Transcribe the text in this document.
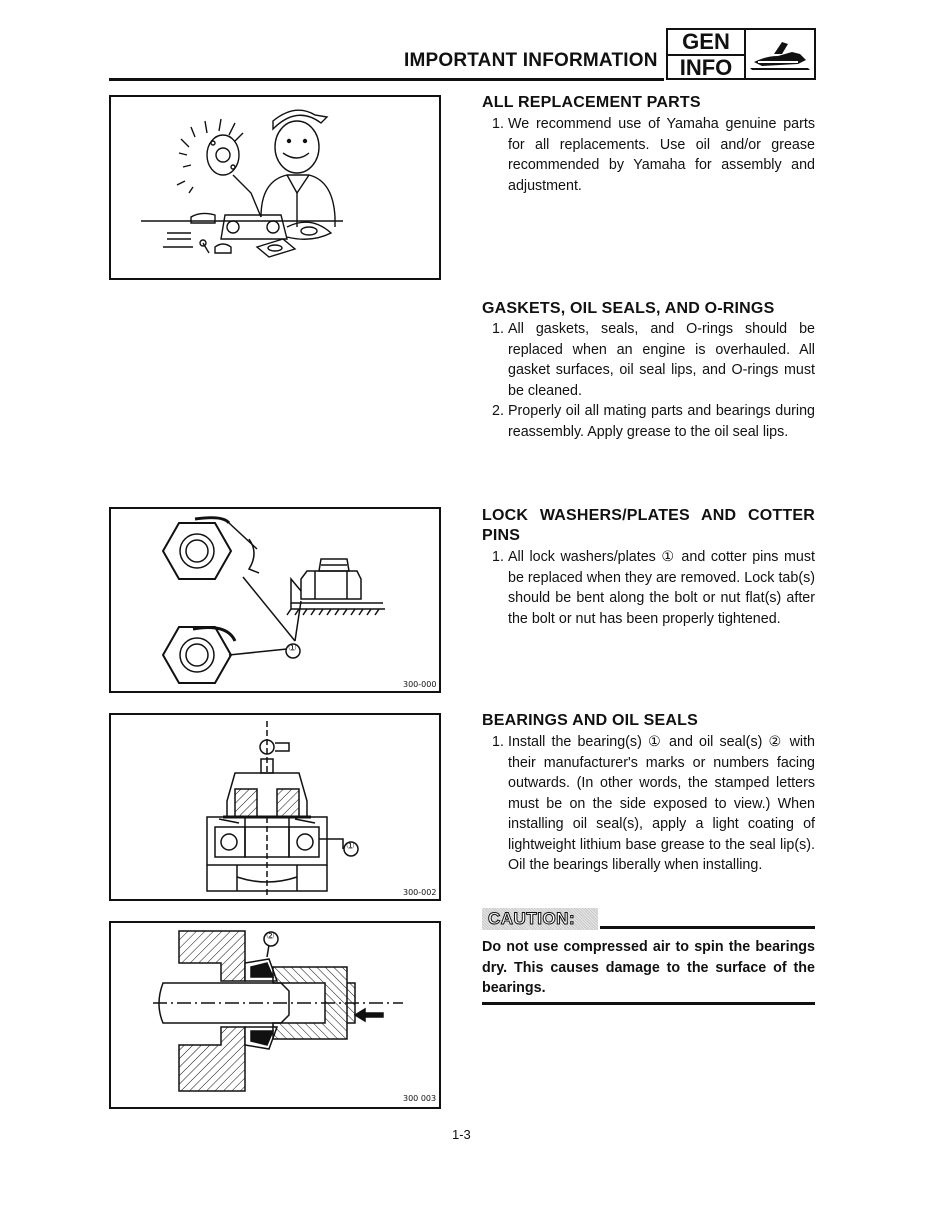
IMPORTANT INFORMATION
GEN
INFO
①
300-000
①
300-002
②
300 003
ALL REPLACEMENT PARTS
1. We recommend use of Yamaha genuine parts for all replacements. Use oil and/or grease recommended by Yamaha for assembly and adjustment.
GASKETS, OIL SEALS, AND O-RINGS
1. All gaskets, seals, and O-rings should be replaced when an engine is overhauled. All gasket surfaces, oil seal lips, and O-rings must be cleaned.
2. Properly oil all mating parts and bearings during reassembly. Apply grease to the oil seal lips.
LOCK WASHERS/PLATES AND COTTER PINS
1. All lock washers/plates ① and cotter pins must be replaced when they are removed. Lock tab(s) should be bent along the bolt or nut flat(s) after the bolt or nut has been properly tightened.
BEARINGS AND OIL SEALS
1. Install the bearing(s) ① and oil seal(s) ② with their manufacturer's marks or numbers facing outwards. (In other words, the stamped letters must be on the side exposed to view.) When installing oil seal(s), apply a light coating of lightweight lithium base grease to the seal lip(s). Oil the bearings liberally when installing.
CAUTION:
Do not use compressed air to spin the bearings dry. This causes damage to the surface of the bearings.
1-3
